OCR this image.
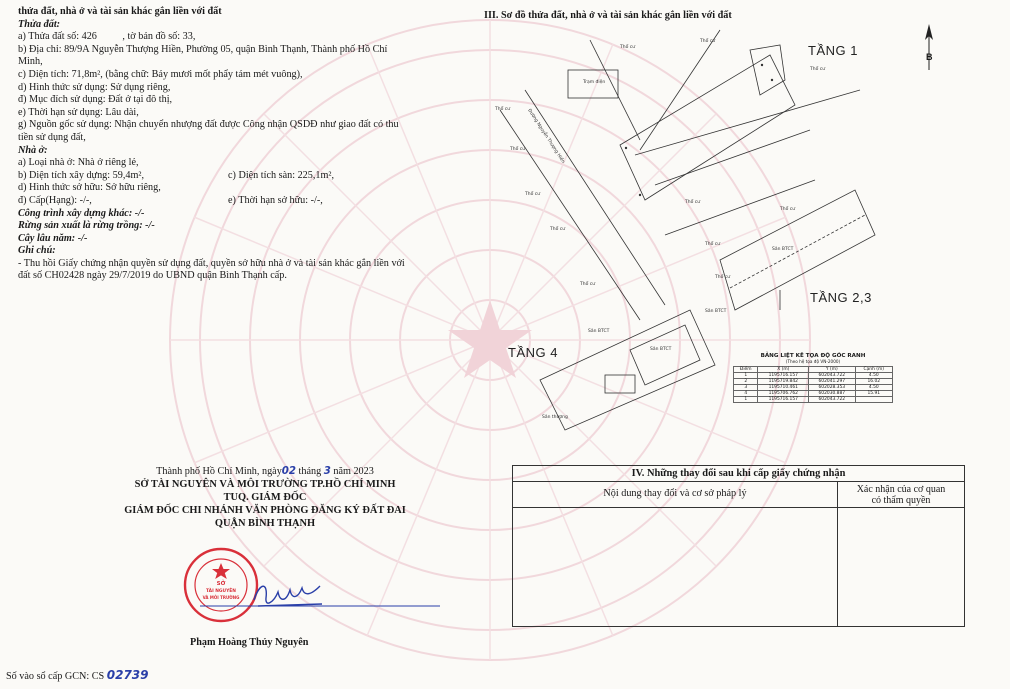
thửa đất, nhà ở và tài sản khác gắn liền với đất
Thửa đất:
a) Thửa đất số: 426          , tờ bản đồ số: 33,
b) Địa chỉ: 89/9A Nguyễn Thượng Hiền, Phường 05, quận Bình Thạnh, Thành phố Hồ Chí
Minh,
c) Diện tích: 71,8m², (bằng chữ: Bảy mươi mốt phẩy tám mét vuông),
d) Hình thức sử dụng: Sử dụng riêng,
đ) Mục đích sử dụng: Đất ở tại đô thị,
e) Thời hạn sử dụng: Lâu dài,
g) Nguồn gốc sử dụng: Nhận chuyển nhượng đất được Công nhận QSDĐ như giao đất có thu
tiền sử dụng đất,
Nhà ở:
a) Loại nhà ở: Nhà ở riêng lẻ,
b) Diện tích xây dựng: 59,4m²,	c) Diện tích sàn: 225,1m²,
d) Hình thức sở hữu: Sở hữu riêng,
đ) Cấp(Hạng): -/-,	e) Thời hạn sở hữu: -/-,
Công trình xây dựng khác: -/-
Rừng sản xuất là rừng trồng: -/-
Cây lâu năm: -/-
Ghi chú:
- Thu hồi Giấy chứng nhận quyền sử dụng đất, quyền sở hữu nhà ở và tài sản khác gắn liền với
đất số CH02428 ngày 29/7/2019 do UBND quận Bình Thạnh cấp.
III. Sơ đồ thửa đất, nhà ở và tài sản khác gắn liền với đất
Thổ cư
Thổ cư
Trạm điện
Thổ cư
Thổ cư
Thổ cư
Thổ cư
Thổ cư
Thổ cư
Thổ cư
Thổ cư
Thổ cư
Thổ cư
Sân BTCT
Sân BTCT
Sân BTCT
Sân BTCT
Sân thượng
Đường Nguyễn Thượng Hiền
TẦNG 1
TẦNG 2,3
TẦNG 4
B
BẢNG LIỆT KÊ TỌA ĐỘ GÓC RANH
(Theo hệ tọa độ VN-2000)
Điểm	X (m)	Y (m)	Cạnh (m)
1	1195716.157	602043.722	4.50
2	1195719.842	602041.297	16.02
3	1195710.461	602028.353	4.50
4	1195706.762	602030.887	15.91
1	1195716.157	602043.722	
Thành phố Hồ Chí Minh, ngày02 tháng 3 năm 2023
SỞ TÀI NGUYÊN VÀ MÔI TRƯỜNG TP.HỒ CHÍ MINH
TUQ. GIÁM ĐỐC
GIÁM ĐỐC CHI NHÁNH VĂN PHÒNG ĐĂNG KÝ ĐẤT ĐAI
QUẬN BÌNH THẠNH
SỞ
TÀI NGUYÊN
VÀ MÔI TRƯỜNG
Phạm Hoàng Thủy Nguyên
Số vào sổ cấp GCN: CS 02739
IV. Những thay đổi sau khi cấp giấy chứng nhận
Nội dung thay đổi và cơ sở pháp lý	Xác nhận của cơ quan
có thẩm quyền
